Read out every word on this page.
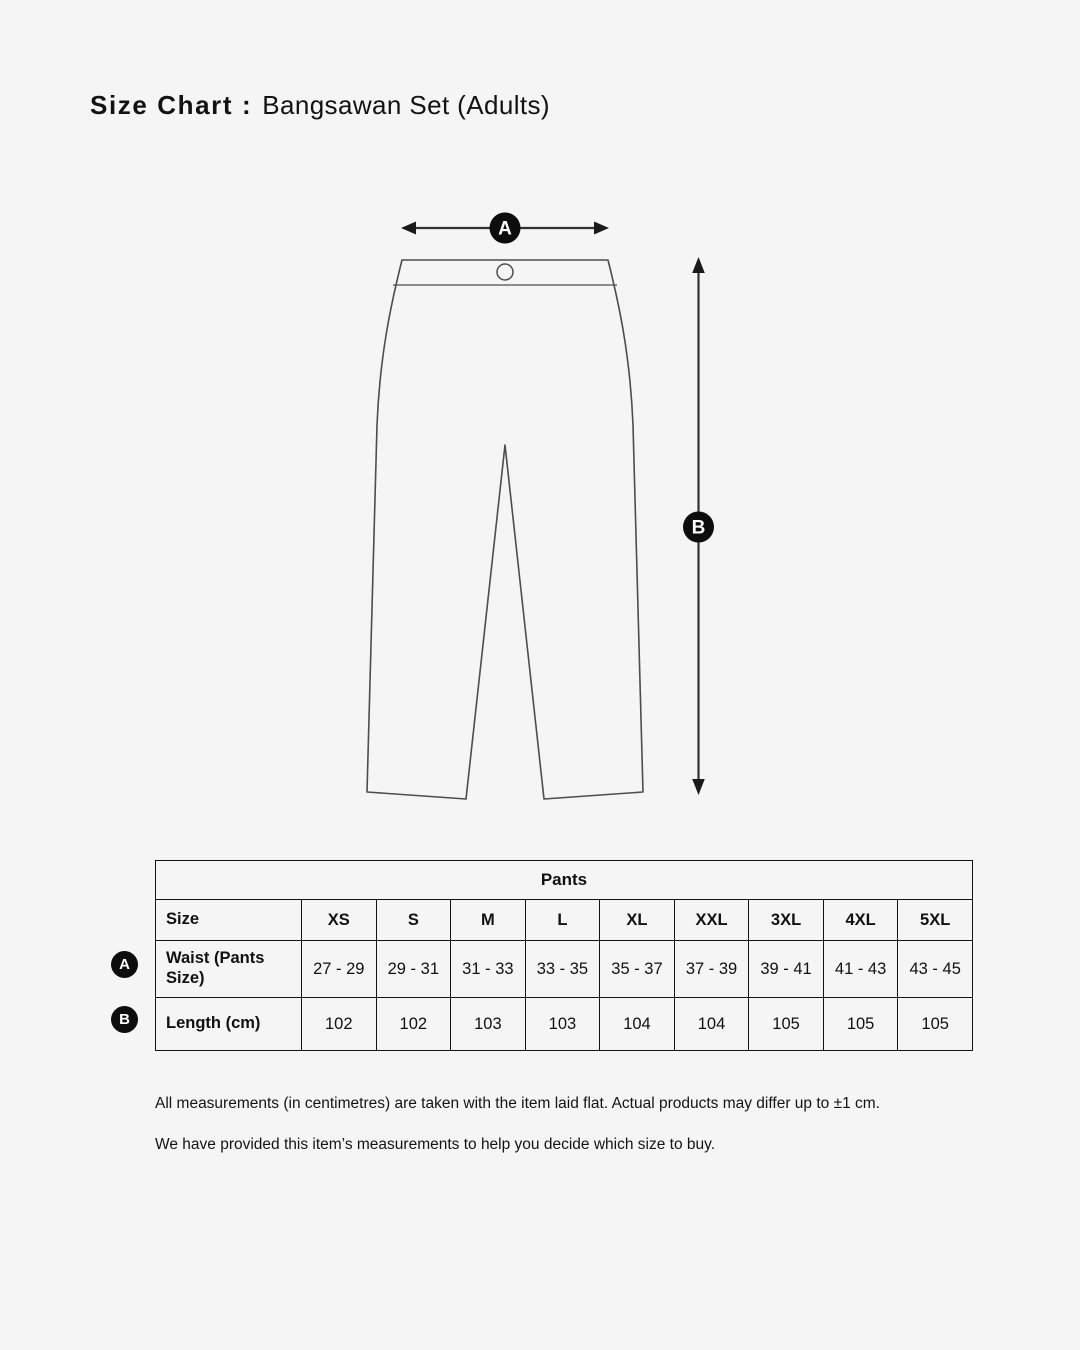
Size Chart : Bangsawan Set (Adults)
A
B
A
B
Pants									
Size	XS	S	M	L	XL	XXL	3XL	4XL	5XL
Waist (Pants Size)	27 - 29	29 - 31	31 - 33	33 - 35	35 - 37	37 - 39	39 - 41	41 - 43	43 - 45
Length (cm)	102	102	103	103	104	104	105	105	105

All measurements (in centimetres) are taken with the item laid flat. Actual products may differ up to ±1 cm.

We have provided this item’s measurements to help you decide which size to buy.
